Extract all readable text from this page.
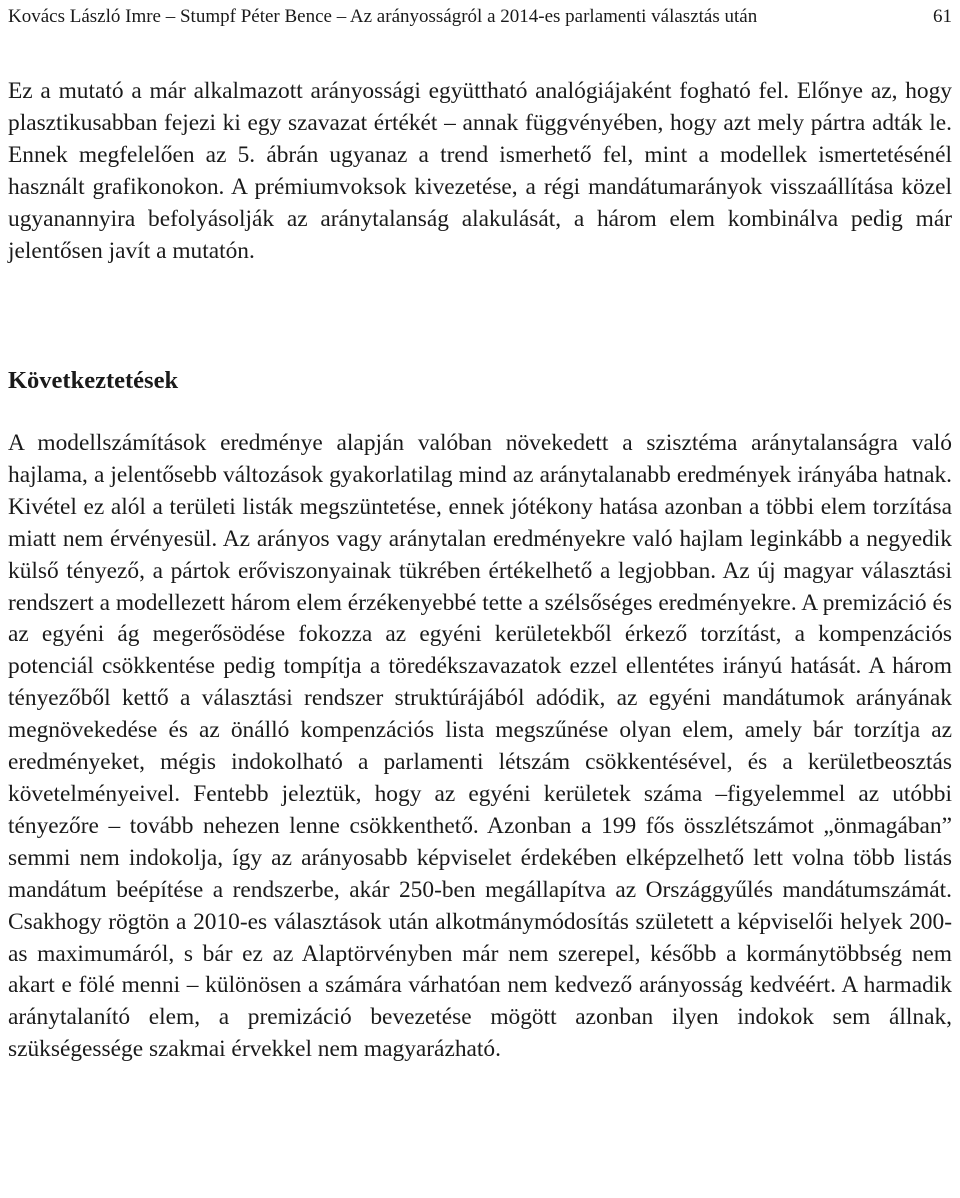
Kovács László Imre – Stumpf Péter Bence – Az arányosságról a 2014-es parlamenti választás után	61

Ez a mutató a már alkalmazott arányossági együttható analógiájaként fogható fel. Előnye az, hogy plasztikusabban fejezi ki egy szavazat értékét – annak függvényében, hogy azt mely pártra adták le. Ennek megfelelően az 5. ábrán ugyanaz a trend ismerhető fel, mint a modellek ismertetésénél használt grafikonokon. A prémiumvoksok kivezetése, a régi mandátumarányok visszaállítása közel ugyanannyira befolyásolják az aránytalanság alakulását, a három elem kombinálva pedig már jelentősen javít a mutatón.

Következtetések

A modellszámítások eredménye alapján valóban növekedett a szisztéma aránytalanságra való hajlama, a jelentősebb változások gyakorlatilag mind az aránytalanabb eredmények irányába hatnak. Kivétel ez alól a területi listák megszüntetése, ennek jótékony hatása azonban a többi elem torzítása miatt nem érvényesül. Az arányos vagy aránytalan eredményekre való hajlam leginkább a negyedik külső tényező, a pártok erőviszonyainak tükrében értékelhető a legjobban. Az új magyar választási rendszert a modellezett három elem érzékenyebbé tette a szélsőséges eredményekre. A premizáció és az egyéni ág megerősödése fokozza az egyéni kerületekből érkező torzítást, a kompenzációs potenciál csökkentése pedig tompítja a töredékszavazatok ezzel ellentétes irányú hatását. A három tényezőből kettő a választási rendszer struktúrájából adódik, az egyéni mandátumok arányának megnövekedése és az önálló kompenzációs lista megszűnése olyan elem, amely bár torzítja az eredményeket, mégis indokolható a parlamenti létszám csökkentésével, és a kerületbeosztás követelményeivel. Fentebb jeleztük, hogy az egyéni kerületek száma –figyelemmel az utóbbi tényezőre – tovább nehezen lenne csökkenthető. Azonban a 199 fős összlétszámot „önmagában” semmi nem indokolja, így az arányosabb képviselet érdekében elképzelhető lett volna több listás mandátum beépítése a rendszerbe, akár 250-ben megállapítva az Országgyűlés mandátumszámát. Csakhogy rögtön a 2010-es választások után alkotmánymódosítás született a képviselői helyek 200-as maximumáról, s bár ez az Alaptörvényben már nem szerepel, később a kormánytöbbség nem akart e fölé menni – különösen a számára várhatóan nem kedvező arányosság kedvéért. A harmadik aránytalanító elem, a premizáció bevezetése mögött azonban ilyen indokok sem állnak, szükségessége szakmai érvekkel nem magyarázható.
